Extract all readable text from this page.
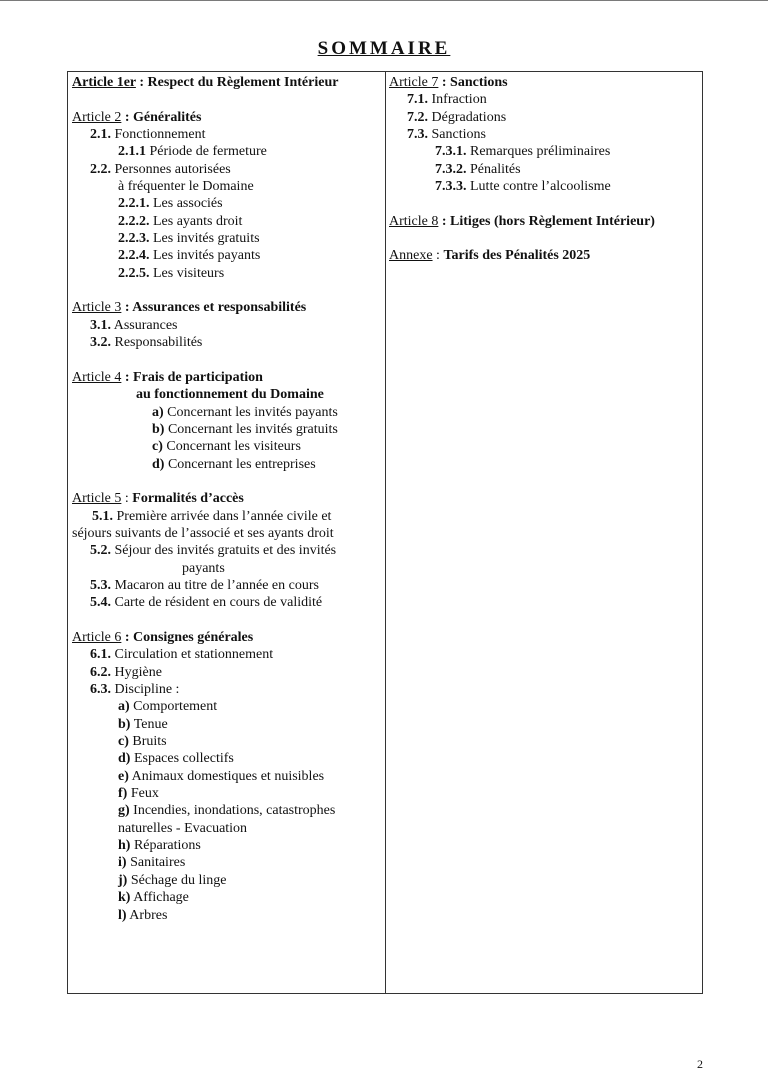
SOMMAIRE
Article 1er : Respect du Règlement Intérieur
Article 2 : Généralités
2.1. Fonctionnement
2.1.1 Période de fermeture
2.2. Personnes autorisées
à fréquenter le Domaine
2.2.1. Les associés
2.2.2. Les ayants droit
2.2.3. Les invités gratuits
2.2.4. Les invités payants
2.2.5. Les visiteurs
Article 3 : Assurances et responsabilités
3.1. Assurances
3.2. Responsabilités
Article 4 : Frais de participation
au fonctionnement du Domaine
a) Concernant les invités payants
b) Concernant les invités gratuits
c) Concernant les visiteurs
d) Concernant les entreprises
Article 5 : Formalités d’accès
5.1. Première arrivée dans l’année civile et
séjours suivants de l’associé et ses ayants droit
5.2. Séjour des invités gratuits et des invités
payants
5.3. Macaron au titre de l’année en cours
5.4. Carte de résident en cours de validité
Article 6 : Consignes générales
6.1. Circulation et stationnement
6.2. Hygiène
6.3. Discipline :
a) Comportement
b) Tenue
c) Bruits
d) Espaces collectifs
e) Animaux domestiques et nuisibles
f) Feux
g) Incendies, inondations, catastrophes
naturelles - Evacuation
h) Réparations
i) Sanitaires
j) Séchage du linge
k) Affichage
l) Arbres
Article 7 : Sanctions
7.1. Infraction
7.2. Dégradations
7.3. Sanctions
7.3.1. Remarques préliminaires
7.3.2. Pénalités
7.3.3. Lutte contre l’alcoolisme
Article 8 : Litiges (hors Règlement Intérieur)
Annexe : Tarifs des Pénalités 2025
2
